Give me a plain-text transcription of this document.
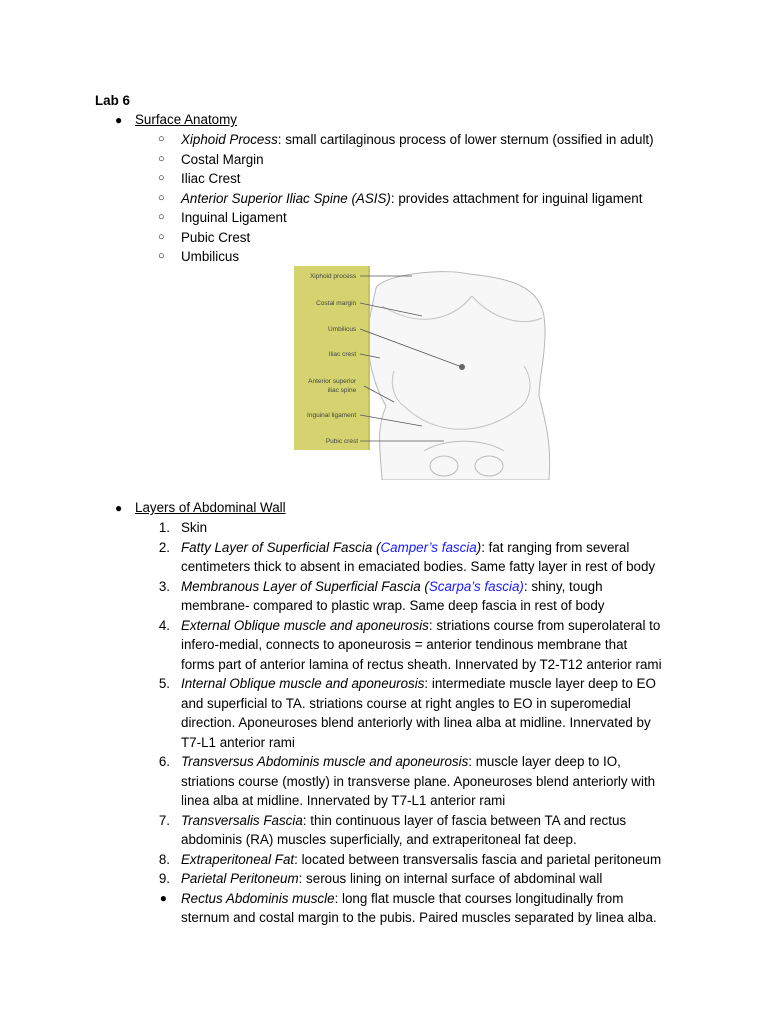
Lab 6
● Surface Anatomy
○ Xiphoid Process: small cartilaginous process of lower sternum (ossified in adult)
○ Costal Margin
○ Iliac Crest
○ Anterior Superior Iliac Spine (ASIS): provides attachment for inguinal ligament
○ Inguinal Ligament
○ Pubic Crest
○ Umbilicus
Xiphoid process Costal margin Umbilicus Iliac crest Anterior superior iliac spine Inguinal ligament Pubic crest
● Layers of Abdominal Wall
1. Skin
2. Fatty Layer of Superficial Fascia (Camper’s fascia): fat ranging from several
centimeters thick to absent in emaciated bodies. Same fatty layer in rest of body
3. Membranous Layer of Superficial Fascia (Scarpa’s fascia): shiny, tough
membrane- compared to plastic wrap. Same deep fascia in rest of body
4. External Oblique muscle and aponeurosis: striations course from superolateral to
infero-medial, connects to aponeurosis = anterior tendinous membrane that
forms part of anterior lamina of rectus sheath. Innervated by T2-T12 anterior rami
5. Internal Oblique muscle and aponeurosis: intermediate muscle layer deep to EO
and superficial to TA. striations course at right angles to EO in superomedial
direction. Aponeuroses blend anteriorly with linea alba at midline. Innervated by
T7-L1 anterior rami
6. Transversus Abdominis muscle and aponeurosis: muscle layer deep to IO,
striations course (mostly) in transverse plane. Aponeuroses blend anteriorly with
linea alba at midline. Innervated by T7-L1 anterior rami
7. Transversalis Fascia: thin continuous layer of fascia between TA and rectus
abdominis (RA) muscles superficially, and extraperitoneal fat deep.
8. Extraperitoneal Fat: located between transversalis fascia and parietal peritoneum
9. Parietal Peritoneum: serous lining on internal surface of abdominal wall
● Rectus Abdominis muscle: long flat muscle that courses longitudinally from
sternum and costal margin to the pubis. Paired muscles separated by linea alba.
